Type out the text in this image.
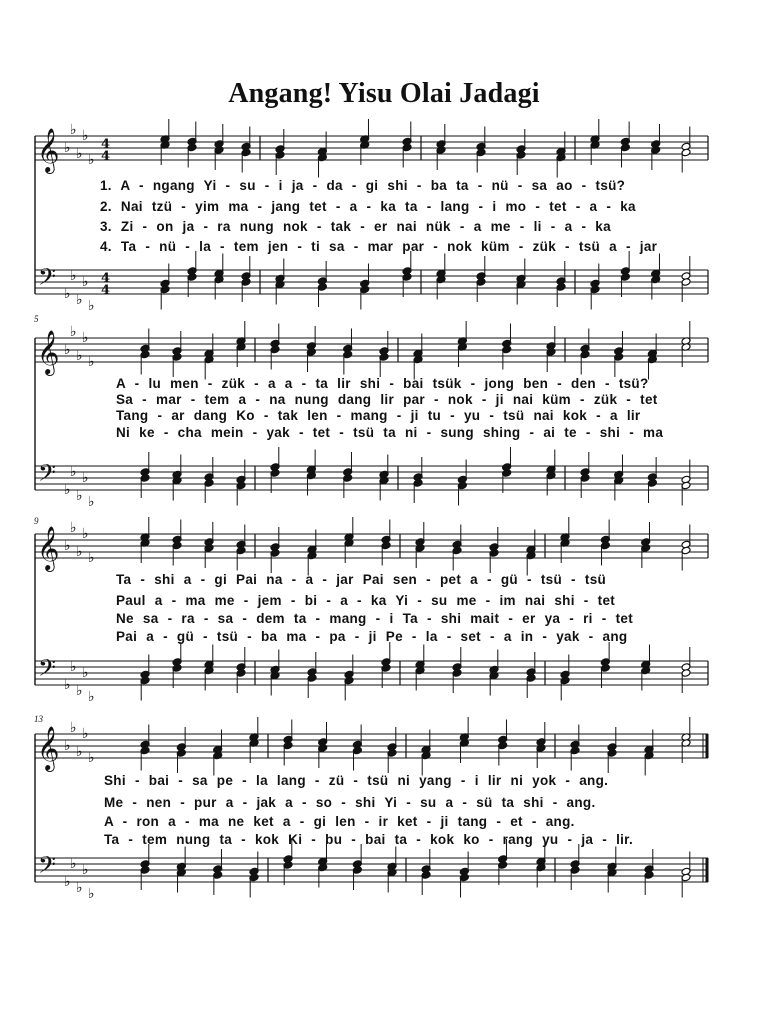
Angang! Yisu Olai Jadagi
5
9
13
𝄞 ♭
♭
♭
♭
♭
4
4
𝄢 ♭
♭
♭
♭
♭
4
4
𝄞 ♭
♭
♭
♭
♭
𝄢 ♭
♭
♭
♭
♭
𝄞 ♭
♭
♭
♭
♭
𝄢 ♭
♭
♭
♭
♭
𝄞 ♭
♭
♭
♭
♭
𝄢 ♭
♭
♭
♭
♭
1. A - ngang Yi - su - i ja - da - gi shi - ba ta - nü - sa ao - tsü?
2. Nai tzü - yim ma - jang tet - a - ka ta - lang - i mo - tet - a - ka
3. Zi - on ja - ra nung nok - tak - er nai nük - a me - li - a - ka
4. Ta - nü - la - tem jen - ti sa - mar par - nok küm - zük - tsü a - jar
A - lu men - zük - a a - ta lir shi - bai tsük - jong ben - den - tsü?
Sa - mar - tem a - na nung dang lir par - nok - ji nai küm - zük - tet
Tang - ar dang Ko - tak len - mang - ji tu - yu - tsü nai kok - a lir
Ni ke - cha mein - yak - tet - tsü ta ni - sung shing - ai te - shi - ma
Ta - shi a - gi Pai na - a - jar Pai sen - pet a - gü - tsü - tsü
Paul a - ma me - jem - bi - a - ka Yi - su me - im nai shi - tet
Ne sa - ra - sa - dem ta - mang - i Ta - shi mait - er ya - ri - tet
Pai a - gü - tsü - ba ma - pa - ji Pe - la - set - a in - yak - ang
Shi - bai - sa pe - la lang - zü - tsü ni yang - i lir ni yok - ang.
Me - nen - pur a - jak a - so - shi Yi - su a - sü ta shi - ang.
A - ron a - ma ne ket a - gi len - ir ket - ji tang - et - ang.
Ta - tem nung ta - kok Ki - bu - bai ta - kok ko - rang yu - ja - lir.
